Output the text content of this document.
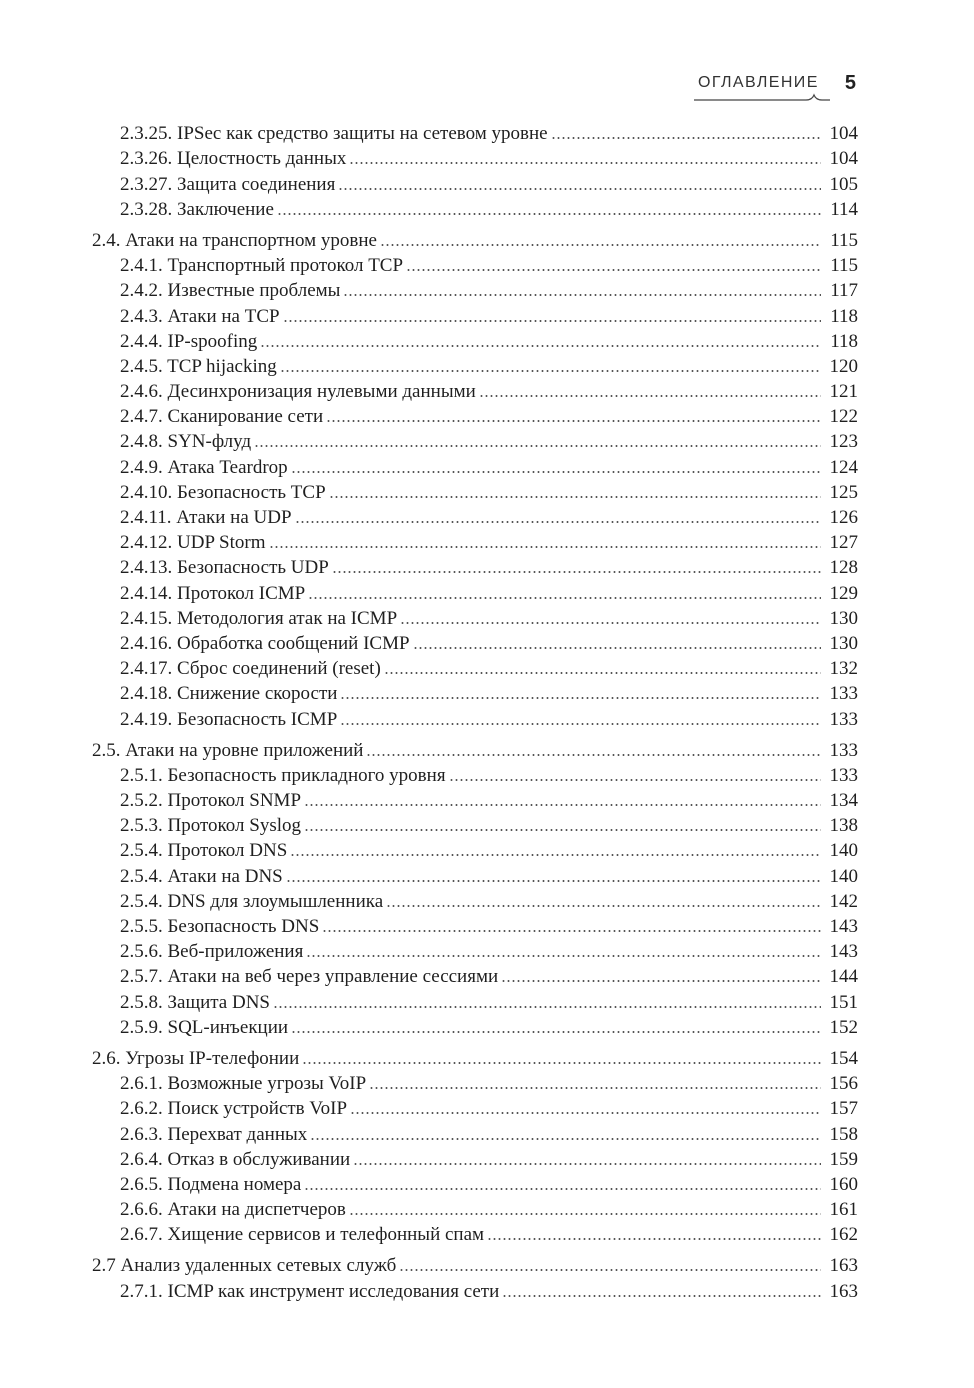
ОГЛАВЛЕНИЕ 5
2.3.25. IPSec как средство защиты на сетевом уровне	104
2.3.26. Целостность данных	104
2.3.27. Защита соединения	105
2.3.28. Заключение	114
2.4. Атаки на транспортном уровне	115
2.4.1. Транспортный протокол TCP	115
2.4.2. Известные проблемы	117
2.4.3. Атаки на TCP	118
2.4.4. IP-spoofing	118
2.4.5. TCP hijacking	120
2.4.6. Десинхронизация нулевыми данными	121
2.4.7. Сканирование сети	122
2.4.8. SYN-флуд	123
2.4.9. Атака Teardrop	124
2.4.10. Безопасность TCP	125
2.4.11. Атаки на UDP	126
2.4.12. UDP Storm	127
2.4.13. Безопасность UDP	128
2.4.14. Протокол ICMP	129
2.4.15. Методология атак на ICMP	130
2.4.16. Обработка сообщений ICMP	130
2.4.17. Сброс соединений (reset)	132
2.4.18. Снижение скорости	133
2.4.19. Безопасность ICMP	133
2.5. Атаки на уровне приложений	133
2.5.1. Безопасность прикладного уровня	133
2.5.2. Протокол SNMP	134
2.5.3. Протокол Syslog	138
2.5.4. Протокол DNS	140
2.5.4. Атаки на DNS	140
2.5.4. DNS для злоумышленника	142
2.5.5. Безопасность DNS	143
2.5.6. Веб-приложения	143
2.5.7. Атаки на веб через управление сессиями	144
2.5.8. Защита DNS	151
2.5.9. SQL-инъекции	152
2.6. Угрозы IP-телефонии	154
2.6.1. Возможные угрозы VoIP	156
2.6.2. Поиск устройств VoIP	157
2.6.3. Перехват данных	158
2.6.4. Отказ в обслуживании	159
2.6.5. Подмена номера	160
2.6.6. Атаки на диспетчеров	161
2.6.7. Хищение сервисов и телефонный спам	162
2.7 Анализ удаленных сетевых служб	163
2.7.1. ICMP как инструмент исследования сети	163
